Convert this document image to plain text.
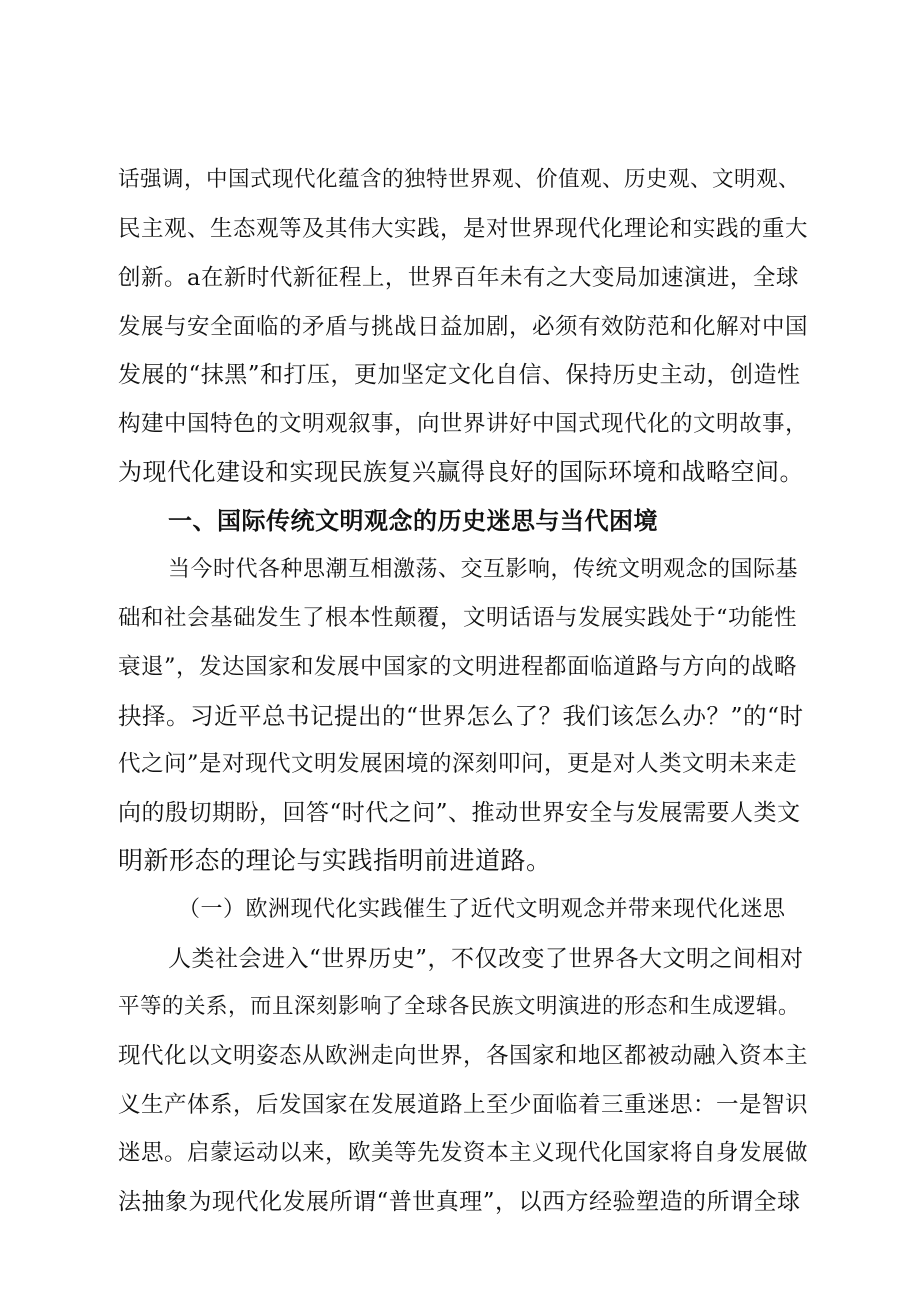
话强调，中国式现代化蕴含的独特世界观、价值观、历史观、文明观、
民主观、生态观等及其伟大实践，是对世界现代化理论和实践的重大
创新。a在新时代新征程上，世界百年未有之大变局加速演进，全球
发展与安全面临的矛盾与挑战日益加剧，必须有效防范和化解对中国
发展的“抹黑”和打压，更加坚定文化自信、保持历史主动，创造性
构建中国特色的文明观叙事，向世界讲好中国式现代化的文明故事，
为现代化建设和实现民族复兴赢得良好的国际环境和战略空间。
一、国际传统文明观念的历史迷思与当代困境
当今时代各种思潮互相激荡、交互影响，传统文明观念的国际基
础和社会基础发生了根本性颠覆，文明话语与发展实践处于“功能性
衰退”，发达国家和发展中国家的文明进程都面临道路与方向的战略
抉择。习近平总书记提出的“世界怎么了？我们该怎么办？”的“时
代之问”是对现代文明发展困境的深刻叩问，更是对人类文明未来走
向的殷切期盼，回答“时代之问”、推动世界安全与发展需要人类文
明新形态的理论与实践指明前进道路。
（一）欧洲现代化实践催生了近代文明观念并带来现代化迷思
人类社会进入“世界历史”，不仅改变了世界各大文明之间相对
平等的关系，而且深刻影响了全球各民族文明演进的形态和生成逻辑。
现代化以文明姿态从欧洲走向世界，各国家和地区都被动融入资本主
义生产体系，后发国家在发展道路上至少面临着三重迷思：一是智识
迷思。启蒙运动以来，欧美等先发资本主义现代化国家将自身发展做
法抽象为现代化发展所谓“普世真理”，以西方经验塑造的所谓全球
